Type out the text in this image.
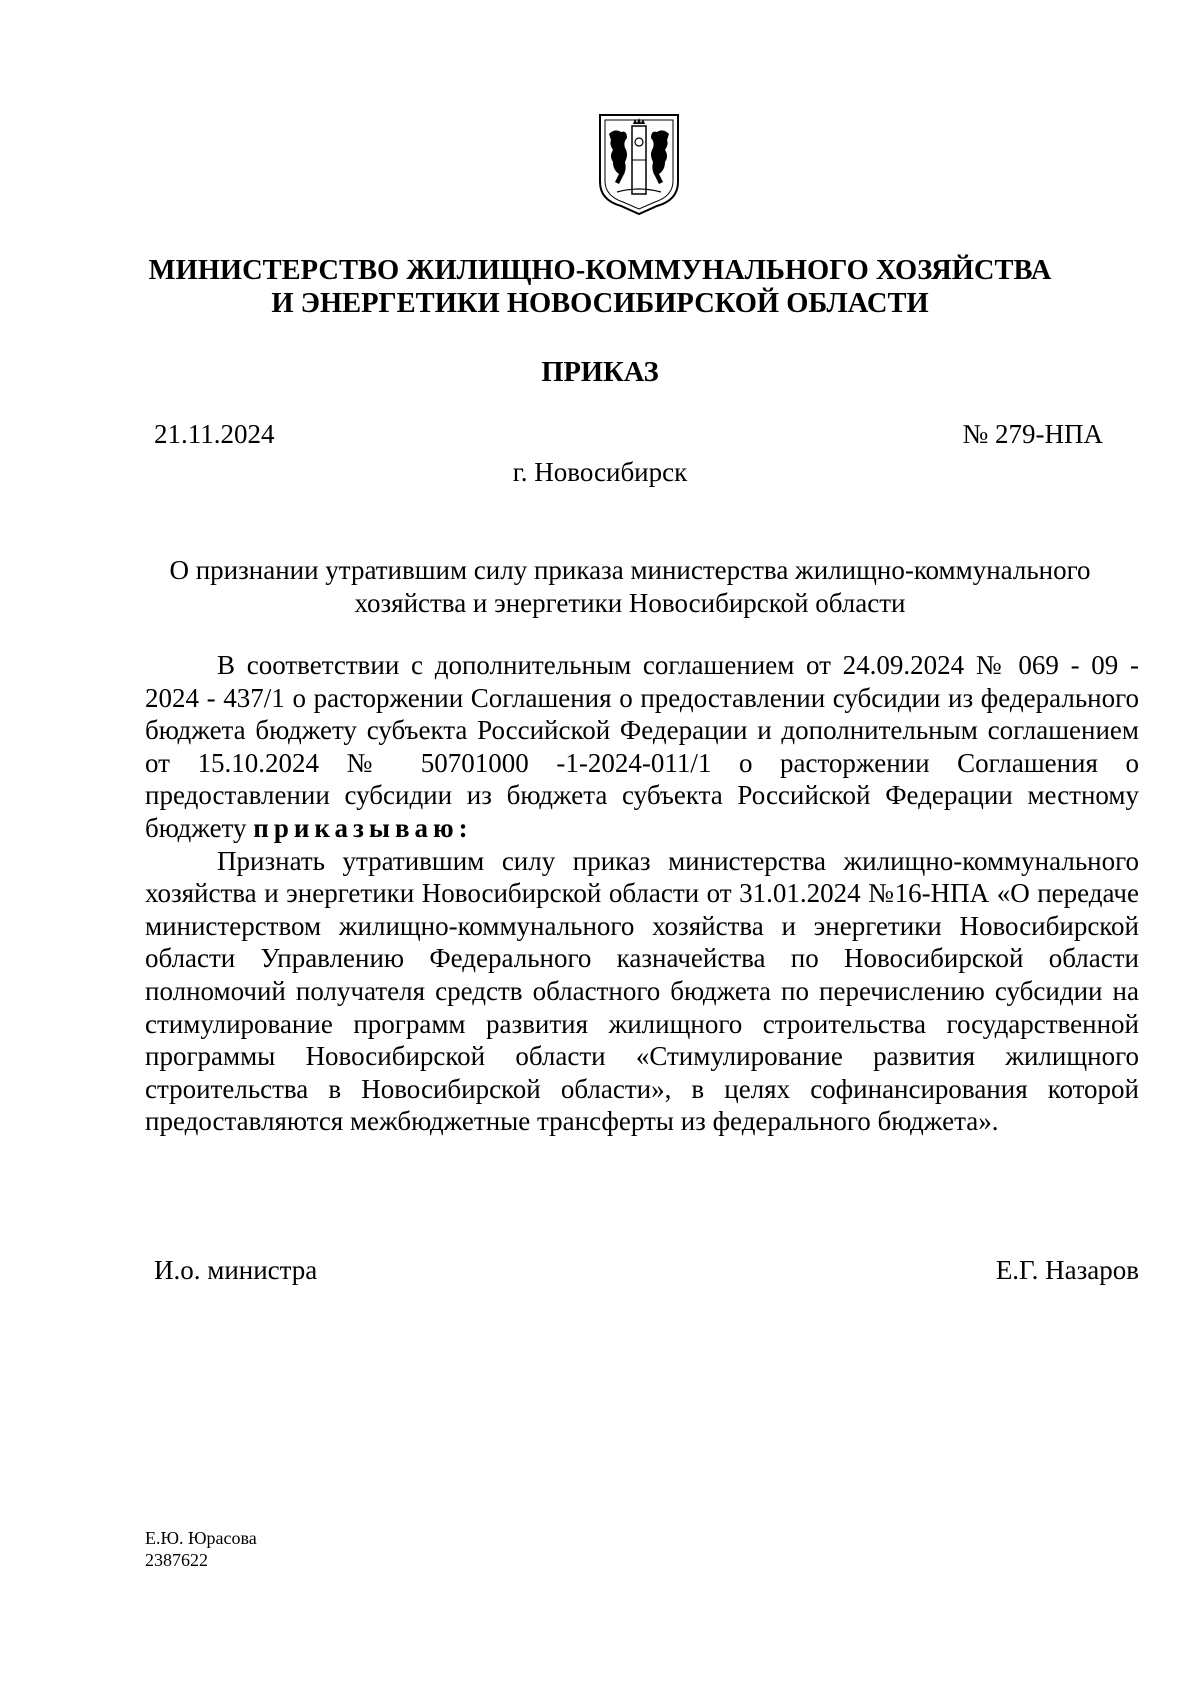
МИНИСТЕРСТВО ЖИЛИЩНО-КОММУНАЛЬНОГО ХОЗЯЙСТВА
И ЭНЕРГЕТИКИ НОВОСИБИРСКОЙ ОБЛАСТИ
ПРИКАЗ
21.11.2024	№ 279-НПА
г. Новосибирск
О признании утратившим силу приказа министерства жилищно-коммунального
хозяйства и энергетики Новосибирской области

В соответствии с дополнительным соглашением от 24.09.2024 № 069 - 09 - 2024 - 437/1 о расторжении Соглашения о предоставлении субсидии из федерального бюджета бюджету субъекта Российской Федерации и дополнительным соглашением от 15.10.2024 № 50701000 -1-2024-011/1 о расторжении Соглашения о предоставлении субсидии из бюджета субъекта Российской Федерации местному бюджету приказываю:

Признать утратившим силу приказ министерства жилищно-коммунального хозяйства и энергетики Новосибирской области от 31.01.2024 №16-НПА «О передаче министерством жилищно-коммунального хозяйства и энергетики Новосибирской области Управлению Федерального казначейства по Новосибирской области полномочий получателя средств областного бюджета по перечислению субсидии на стимулирование программ развития жилищного строительства государственной программы Новосибирской области «Стимулирование развития жилищного строительства в Новосибирской области», в целях софинансирования которой предоставляются межбюджетные трансферты из федерального бюджета».

И.о. министра	Е.Г. Назаров
Е.Ю. Юрасова
2387622
